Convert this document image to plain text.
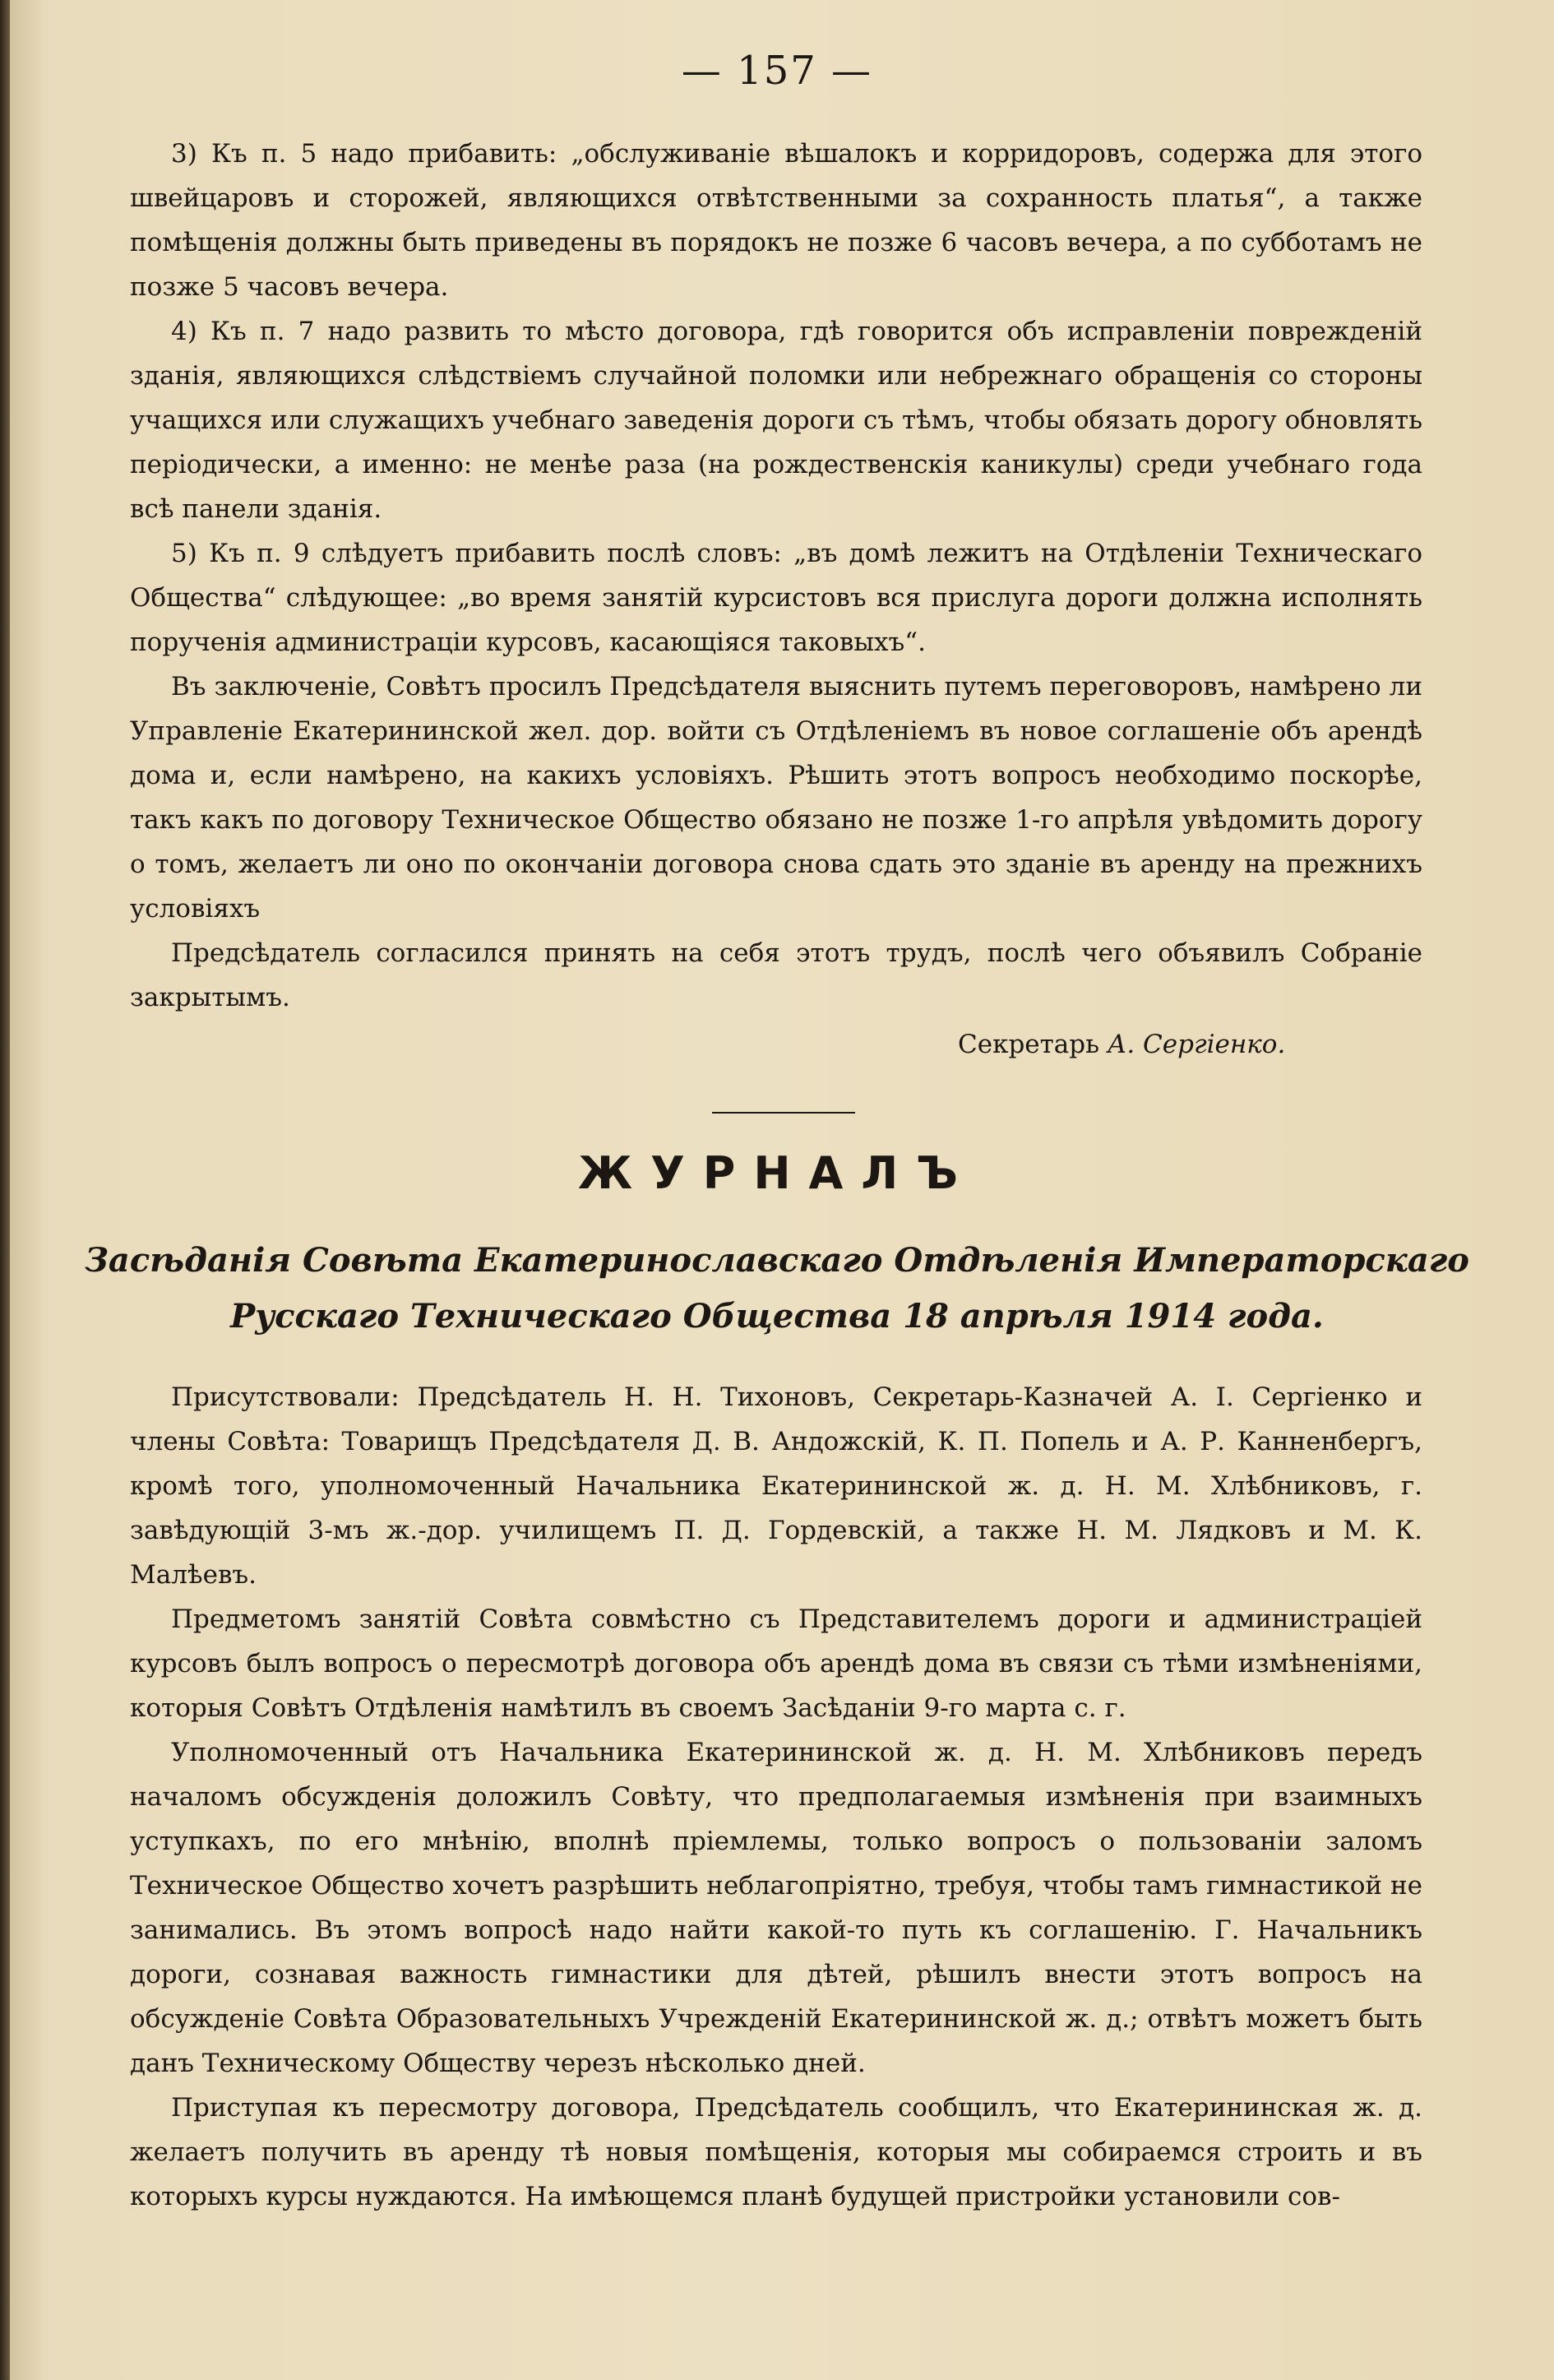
— 157 —

3) Къ п. 5 надо прибавить: „обслуживаніе вѣшалокъ и корридоровъ, содержа для этого швейцаровъ и сторожей, являющихся отвѣтственными за сохранность платья“, а также помѣщенія должны быть приведены въ порядокъ не позже 6 часовъ вечера, а по субботамъ не позже 5 часовъ вечера.

4) Къ п. 7 надо развить то мѣсто договора, гдѣ говорится объ исправленіи поврежденій зданія, являющихся слѣдствіемъ случайной поломки или небрежнаго обращенія со стороны учащихся или служащихъ учебнаго заведенія дороги съ тѣмъ, чтобы обязать дорогу обновлять періодически, а именно: не менѣе раза (на рождественскія каникулы) среди учебнаго года всѣ панели зданія.

5) Къ п. 9 слѣдуетъ прибавить послѣ словъ: „въ домѣ лежитъ на Отдѣленіи Техническаго Общества“ слѣдующее: „во время занятій курсистовъ вся прислуга дороги должна исполнять порученія администраціи курсовъ, касающіяся таковыхъ“.

Въ заключеніе, Совѣтъ просилъ Предсѣдателя выяснить путемъ переговоровъ, намѣрено ли Управленіе Екатерининской жел. дор. войти съ Отдѣленіемъ въ новое соглашеніе объ арендѣ дома и, если намѣрено, на какихъ условіяхъ. Рѣшить этотъ вопросъ необходимо поскорѣе, такъ какъ по договору Техническое Общество обязано не позже 1-го апрѣля увѣдомить дорогу о томъ, желаетъ ли оно по окончаніи договора снова сдать это зданіе въ аренду на прежнихъ условіяхъ

Предсѣдатель согласился принять на себя этотъ трудъ, послѣ чего объявилъ Собраніе закрытымъ.

Секретарь А. Сергіенко.
ЖУРНАЛЪ
Засѣданія Совѣта Екатеринославскаго Отдѣленія Императорскаго
Русскаго Техническаго Общества 18 апрѣля 1914 года.

Присутствовали: Предсѣдатель Н. Н. Тихоновъ, Секретарь-Казначей А. І. Сергіенко и члены Совѣта: Товарищъ Предсѣдателя Д. В. Андожскій, К. П. Попель и А. Р. Канненбергъ, кромѣ того, уполномоченный Начальника Екатерининской ж. д. Н. М. Хлѣбниковъ, г. завѣдующій 3-мъ ж.-дор. училищемъ П. Д. Гордевскій, а также Н. М. Лядковъ и М. К. Малѣевъ.

Предметомъ занятій Совѣта совмѣстно съ Представителемъ дороги и администраціей курсовъ былъ вопросъ о пересмотрѣ договора объ арендѣ дома въ связи съ тѣми измѣненіями, которыя Совѣтъ Отдѣленія намѣтилъ въ своемъ Засѣданіи 9-го марта с. г.

Уполномоченный отъ Начальника Екатерининской ж. д. Н. М. Хлѣбниковъ передъ началомъ обсужденія доложилъ Совѣту, что предполагаемыя измѣненія при взаимныхъ уступкахъ, по его мнѣнію, вполнѣ пріемлемы, только вопросъ о пользованіи заломъ Техническое Общество хочетъ разрѣшить неблагопріятно, требуя, чтобы тамъ гимнастикой не занимались. Въ этомъ вопросѣ надо найти какой-то путь къ соглашенію. Г. Начальникъ дороги, сознавая важность гимнастики для дѣтей, рѣшилъ внести этотъ вопросъ на обсужденіе Совѣта Образовательныхъ Учрежденій Екатерининской ж. д.; отвѣтъ можетъ быть данъ Техническому Обществу черезъ нѣсколько дней.

Приступая къ пересмотру договора, Предсѣдатель сообщилъ, что Екатерининская ж. д. желаетъ получить въ аренду тѣ новыя помѣщенія, которыя мы собираемся строить и въ которыхъ курсы нуждаются. На имѣющемся планѣ будущей пристройки установили сов-
